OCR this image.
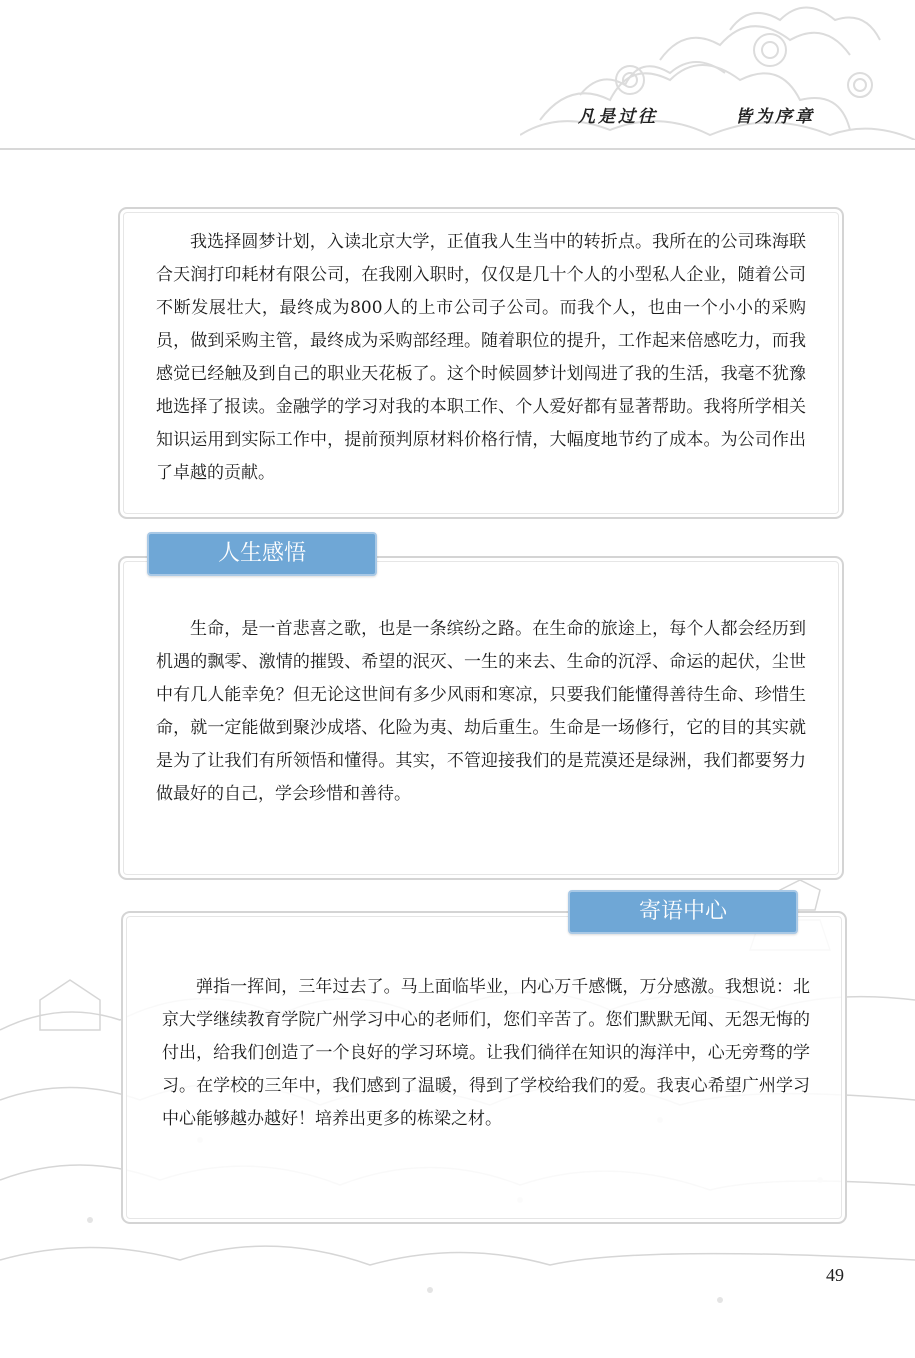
凡是过往	皆为序章

我选择圆梦计划，入读北京大学，正值我人生当中的转折点。我所在的公司珠海联合天润打印耗材有限公司，在我刚入职时，仅仅是几十个人的小型私人企业，随着公司不断发展壮大，最终成为800人的上市公司子公司。而我个人，也由一个小小的采购员，做到采购主管，最终成为采购部经理。随着职位的提升，工作起来倍感吃力，而我感觉已经触及到自己的职业天花板了。这个时候圆梦计划闯进了我的生活，我毫不犹豫地选择了报读。金融学的学习对我的本职工作、个人爱好都有显著帮助。我将所学相关知识运用到实际工作中，提前预判原材料价格行情，大幅度地节约了成本。为公司作出了卓越的贡献。

人生感悟

生命，是一首悲喜之歌，也是一条缤纷之路。在生命的旅途上，每个人都会经历到机遇的飘零、激情的摧毁、希望的泯灭、一生的来去、生命的沉浮、命运的起伏，尘世中有几人能幸免？但无论这世间有多少风雨和寒凉，只要我们能懂得善待生命、珍惜生命，就一定能做到聚沙成塔、化险为夷、劫后重生。生命是一场修行，它的目的其实就是为了让我们有所领悟和懂得。其实，不管迎接我们的是荒漠还是绿洲，我们都要努力做最好的自己，学会珍惜和善待。

寄语中心

弹指一挥间，三年过去了。马上面临毕业，内心万千感慨，万分感激。我想说：北京大学继续教育学院广州学习中心的老师们，您们辛苦了。您们默默无闻、无怨无悔的付出，给我们创造了一个良好的学习环境。让我们徜徉在知识的海洋中，心无旁骛的学习。在学校的三年中，我们感到了温暖，得到了学校给我们的爱。我衷心希望广州学习中心能够越办越好！培养出更多的栋梁之材。

49
